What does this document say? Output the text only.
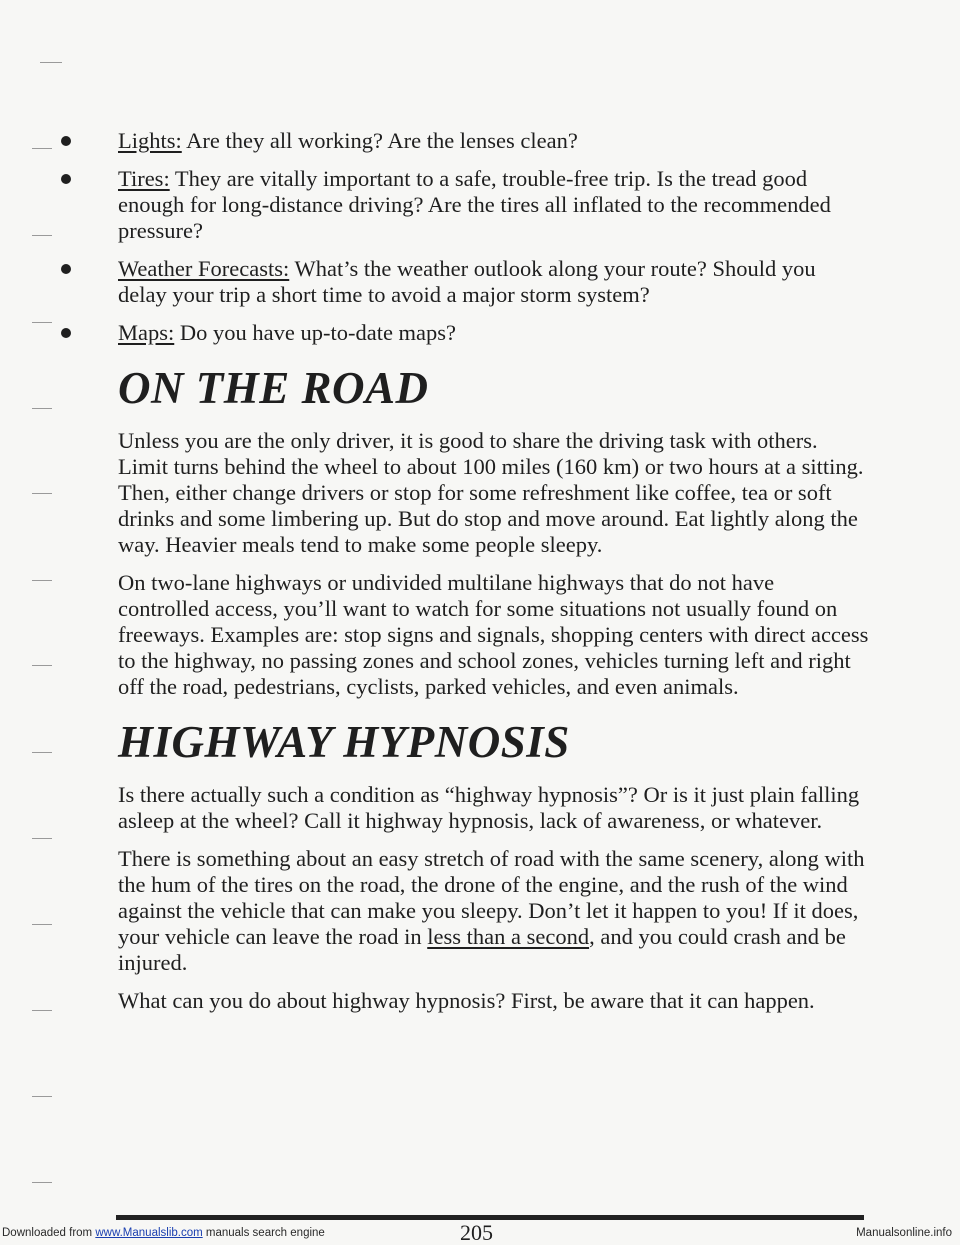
Lights: Are they all working? Are the lenses clean?
Tires: They are vitally important to a safe, trouble-free trip. Is the tread good enough for long-distance driving? Are the tires all inflated to the recommended pressure?
Weather Forecasts: What’s the weather outlook along your route? Should you delay your trip a short time to avoid a major storm system?
Maps: Do you have up-to-date maps?
ON THE ROAD

Unless you are the only driver, it is good to share the driving task with others. Limit turns behind the wheel to about 100 miles (160 km) or two hours at a sitting. Then, either change drivers or stop for some refreshment like coffee, tea or soft drinks and some limbering up. But do stop and move around. Eat lightly along the way. Heavier meals tend to make some people sleepy.

On two-lane highways or undivided multilane highways that do not have controlled access, you’ll want to watch for some situations not usually found on freeways. Examples are: stop signs and signals, shopping centers with direct access to the highway, no passing zones and school zones, vehicles turning left and right off the road, pedestrians, cyclists, parked vehicles, and even animals.

HIGHWAY HYPNOSIS

Is there actually such a condition as “highway hypnosis”? Or is it just plain falling asleep at the wheel? Call it highway hypnosis, lack of awareness, or whatever.

There is something about an easy stretch of road with the same scenery, along with the hum of the tires on the road, the drone of the engine, and the rush of the wind against the vehicle that can make you sleepy. Don’t let it happen to you! If it does, your vehicle can leave the road in less than a second, and you could crash and be injured.

What can you do about highway hypnosis? First, be aware that it can happen.

205
Downloaded from www.Manualslib.com manuals search engine	Manualsonline.info
